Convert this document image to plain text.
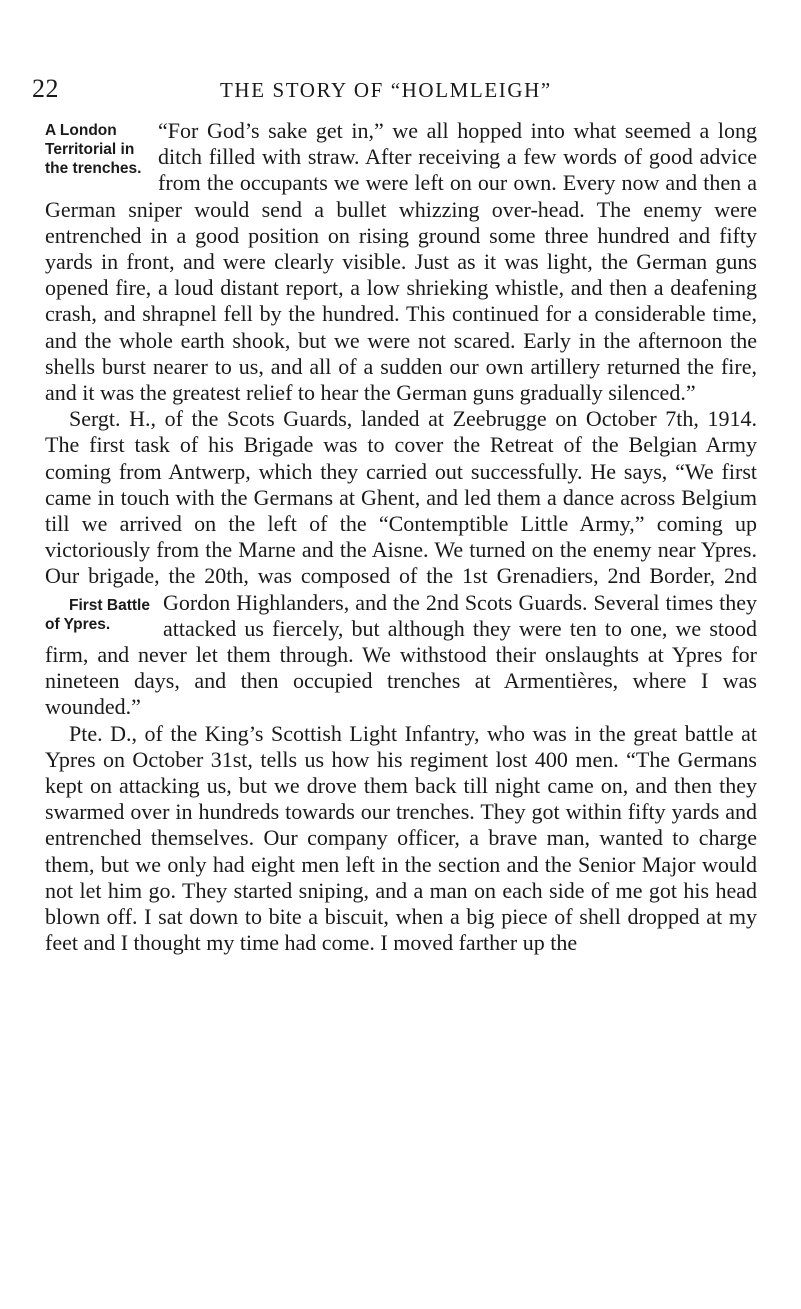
22	THE STORY OF “HOLMLEIGH”

A London
Territorial in
the trenches.
“For God’s sake get in,” we all hopped into what seemed a long ditch filled with straw. After receiving a few words of good advice from the occupants we were left on our own. Every now and then a German sniper would send a bullet whizzing over-head. The enemy were entrenched in a good position on rising ground some three hundred and fifty yards in front, and were clearly visible. Just as it was light, the German guns opened fire, a loud distant report, a low shrieking whistle, and then a deafening crash, and shrapnel fell by the hundred. This continued for a considerable time, and the whole earth shook, but we were not scared. Early in the afternoon the shells burst nearer to us, and all of a sudden our own artillery returned the fire, and it was the greatest relief to hear the German guns gradually silenced.”

Sergt. H., of the Scots Guards, landed at Zeebrugge on October 7th, 1914. The first task of his Brigade was to cover the Retreat of the Belgian Army coming from Antwerp, which they carried out successfully. He says, “We first came in touch with the Germans at Ghent, and led them a dance across Belgium till we arrived on the left of the “Contemptible Little Army,” coming up victoriously from the Marne and the Aisne. We turned on the enemy near Ypres. Our brigade, the 20th, was composed of the 1st Grenadiers, 2nd Border,
First Battle
of Ypres.
2nd Gordon Highlanders, and the 2nd Scots Guards. Several times they attacked us fiercely, but although they were ten to one, we stood firm, and never let them through. We withstood their onslaughts at Ypres for nineteen days, and then occupied trenches at Armentières, where I was wounded.”

Pte. D., of the King’s Scottish Light Infantry, who was in the great battle at Ypres on October 31st, tells us how his regiment lost 400 men. “The Germans kept on attacking us, but we drove them back till night came on, and then they swarmed over in hundreds towards our trenches. They got within fifty yards and entrenched themselves. Our company officer, a brave man, wanted to charge them, but we only had eight men left in the section and the Senior Major would not let him go. They started sniping, and a man on each side of me got his head blown off. I sat down to bite a biscuit, when a big piece of shell dropped at my feet and I thought my time had come. I moved farther up the
